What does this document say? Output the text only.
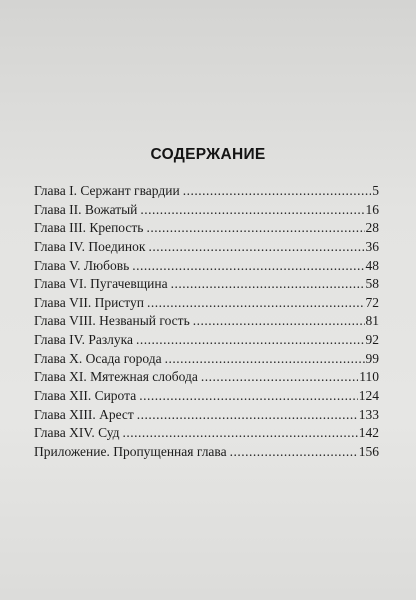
СОДЕРЖАНИЕ
Глава I. Сержант гвардии .....	5
Глава II. Вожатый .....	16
Глава III. Крепость .....	28
Глава IV. Поединок .....	36
Глава V. Любовь .....	48
Глава VI. Пугачевщина .....	58
Глава VII. Приступ .....	72
Глава VIII. Незваный гость .....	81
Глава IV. Разлука .....	92
Глава X. Осада города .....	99
Глава XI. Мятежная слобода .....	110
Глава XII. Сирота .....	124
Глава XIII. Арест .....	133
Глава XIV. Суд .....	142
Приложение. Пропущенная глава .....	156
